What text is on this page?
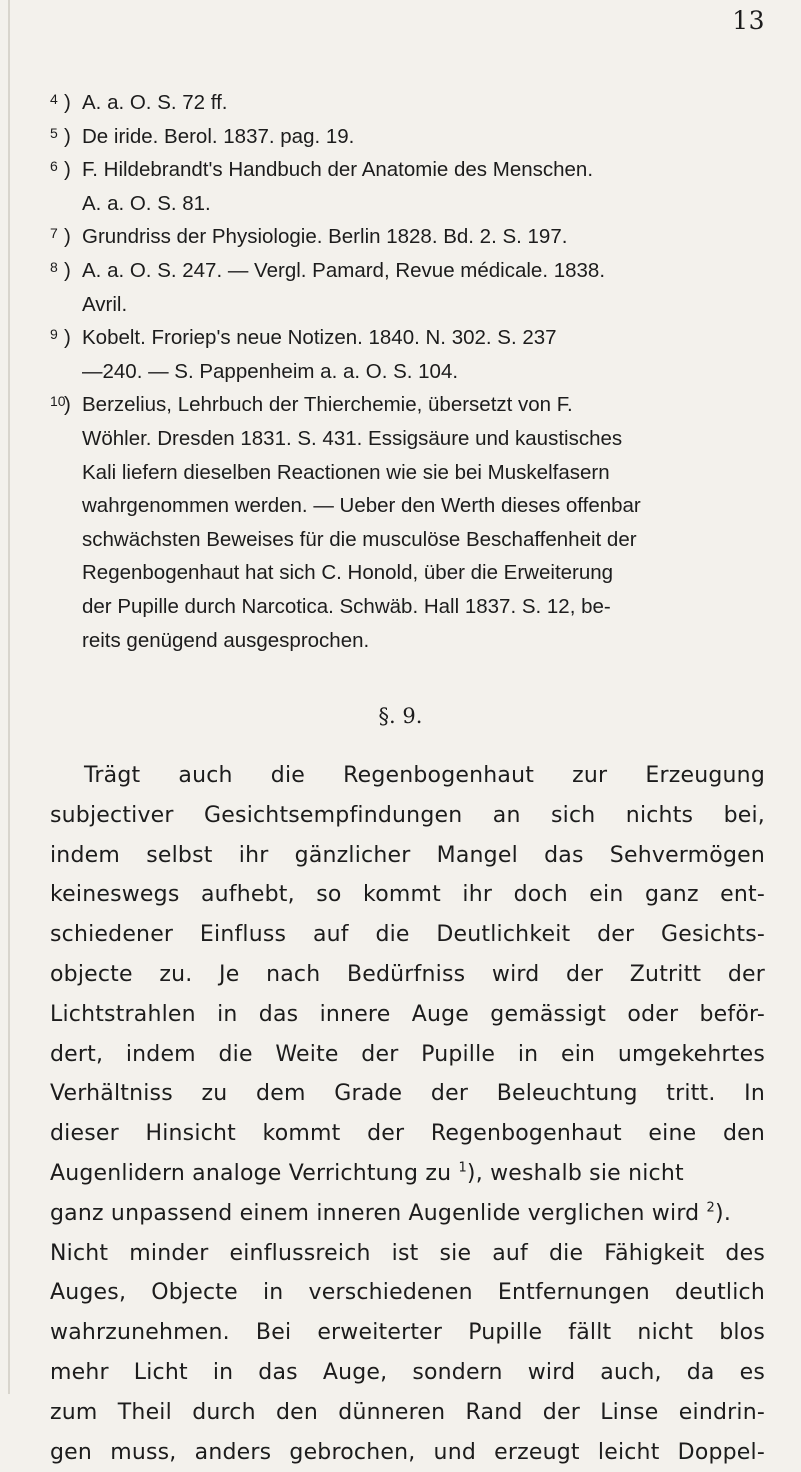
13
4 ) A. a. O. S. 72 ff.
5 ) De iride. Berol. 1837. pag. 19.
6 ) F. Hildebrandt's Handbuch der Anatomie des Menschen.
A. a. O. S. 81.
7 ) Grundriss der Physiologie. Berlin 1828. Bd. 2. S. 197.
8 ) A. a. O. S. 247. — Vergl. Pamard, Revue médicale. 1838.
Avril.
9 ) Kobelt. Froriep's neue Notizen. 1840. N. 302. S. 237
—240. — S. Pappenheim a. a. O. S. 104.
10
) Berzelius, Lehrbuch der Thierchemie, übersetzt von F.
Wöhler. Dresden 1831. S. 431. Essigsäure und kaustisches
Kali liefern dieselben Reactionen wie sie bei Muskelfasern
wahrgenommen werden. — Ueber den Werth dieses offenbar
schwächsten Beweises für die musculöse Beschaffenheit der
Regenbogenhaut hat sich C. Honold, über die Erweiterung
der Pupille durch Narcotica. Schwäb. Hall 1837. S. 12, be-
reits genügend ausgesprochen.
§. 9.
Trägt auch die Regenbogenhaut zur Erzeugung
subjectiver Gesichtsempfindungen an sich nichts bei,
indem selbst ihr gänzlicher Mangel das Sehvermögen
keineswegs aufhebt, so kommt ihr doch ein ganz ent-
schiedener Einfluss auf die Deutlichkeit der Gesichts-
objecte zu. Je nach Bedürfniss wird der Zutritt der
Lichtstrahlen in das innere Auge gemässigt oder beför-
dert, indem die Weite der Pupille in ein umgekehrtes
Verhältniss zu dem Grade der Beleuchtung tritt. In
dieser Hinsicht kommt der Regenbogenhaut eine den
Augenlidern analoge Verrichtung zu $^1$), weshalb sie nicht
ganz unpassend einem inneren Augenlide verglichen wird $^2$).
Nicht minder einflussreich ist sie auf die Fähigkeit des
Auges, Objecte in verschiedenen Entfernungen deutlich
wahrzunehmen. Bei erweiterter Pupille fällt nicht blos
mehr Licht in das Auge, sondern wird auch, da es
zum Theil durch den dünneren Rand der Linse eindrin-
gen muss, anders gebrochen, und erzeugt leicht Doppel-
